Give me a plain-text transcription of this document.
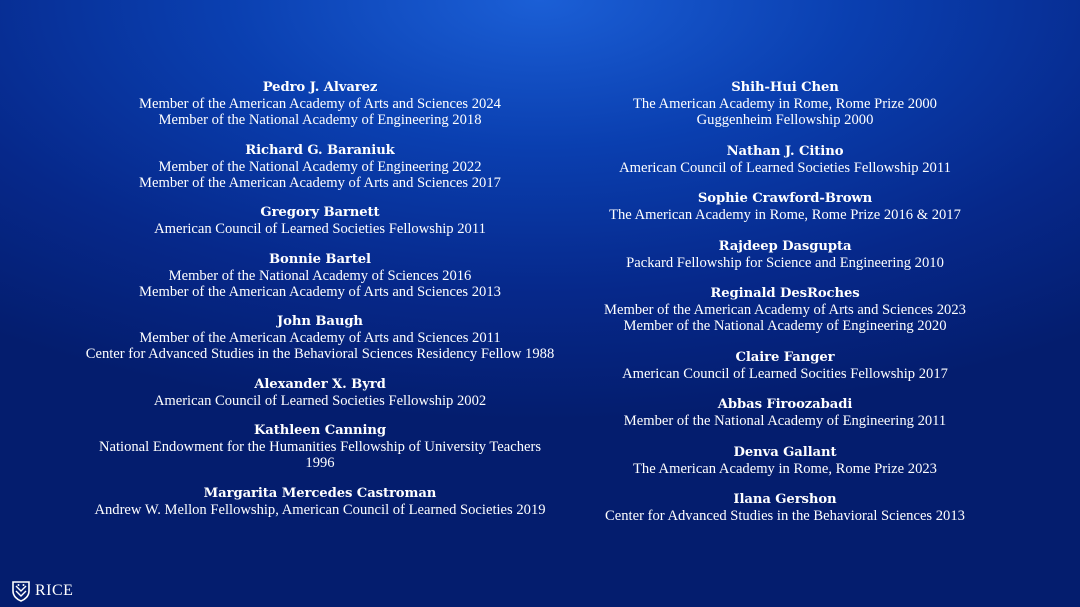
Pedro J. Alvarez
Member of the American Academy of Arts and Sciences 2024
Member of the National Academy of Engineering 2018
Richard G. Baraniuk
Member of the National Academy of Engineering 2022
Member of the American Academy of Arts and Sciences 2017
Gregory Barnett
American Council of Learned Societies Fellowship 2011
Bonnie Bartel
Member of the National Academy of Sciences 2016
Member of the American Academy of Arts and Sciences 2013
John Baugh
Member of the American Academy of Arts and Sciences 2011
Center for Advanced Studies in the Behavioral Sciences Residency Fellow 1988
Alexander X. Byrd
American Council of Learned Societies Fellowship 2002
Kathleen Canning
National Endowment for the Humanities Fellowship of University Teachers
1996
Margarita Mercedes Castroman
Andrew W. Mellon Fellowship, American Council of Learned Societies 2019
Shih-Hui Chen
The American Academy in Rome, Rome Prize 2000
Guggenheim Fellowship 2000
Nathan J. Citino
American Council of Learned Societies Fellowship 2011
Sophie Crawford-Brown
The American Academy in Rome, Rome Prize 2016 & 2017
Rajdeep Dasgupta
Packard Fellowship for Science and Engineering 2010
Reginald DesRoches
Member of the American Academy of Arts and Sciences 2023
Member of the National Academy of Engineering 2020
Claire Fanger
American Council of Learned Socities Fellowship 2017
Abbas Firoozabadi
Member of the National Academy of Engineering 2011
Denva Gallant
The American Academy in Rome, Rome Prize 2023
Ilana Gershon
Center for Advanced Studies in the Behavioral Sciences 2013
RICE
